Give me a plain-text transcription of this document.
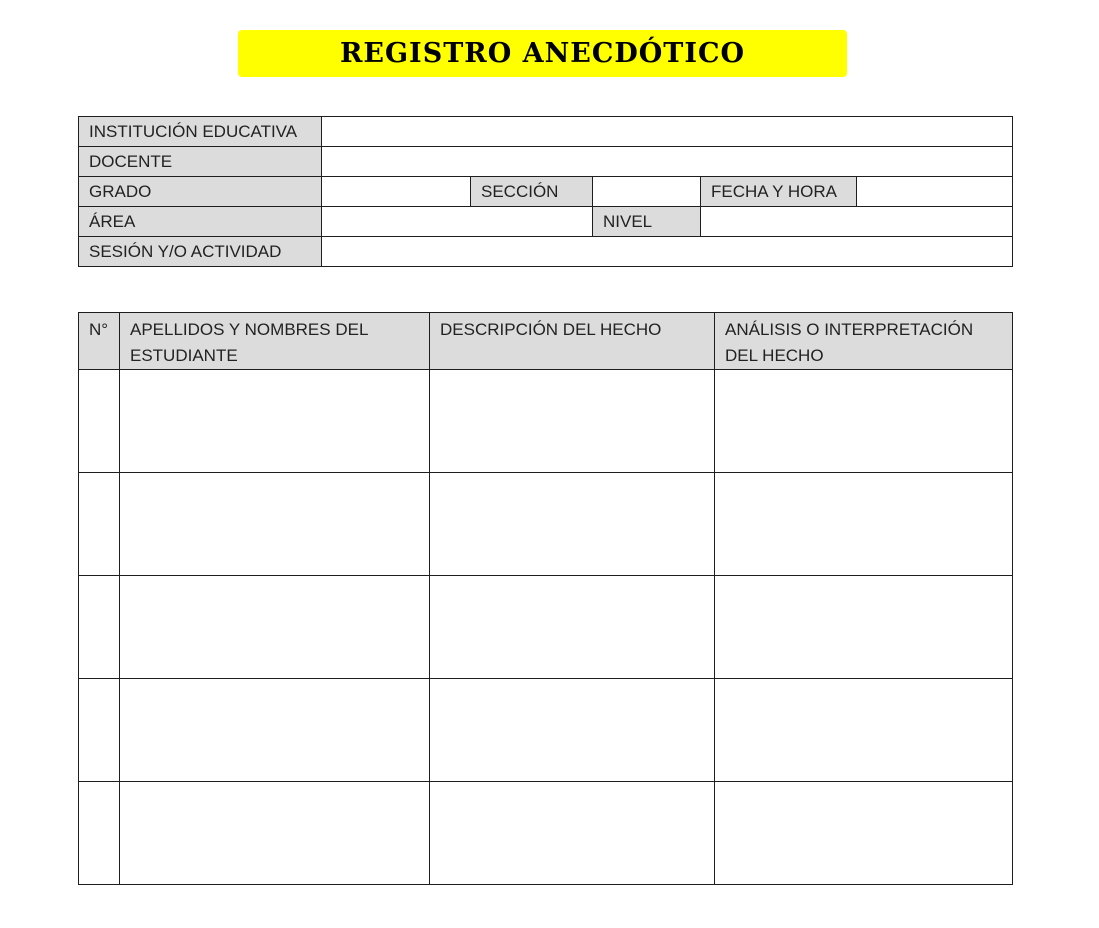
REGISTRO ANECDÓTICO
INSTITUCIÓN EDUCATIVA					
DOCENTE					
GRADO		SECCIÓN		FECHA Y HORA	
ÁREA			NIVEL		
SESIÓN Y/O ACTIVIDAD					
N°	APELLIDOS Y NOMBRES DEL ESTUDIANTE	DESCRIPCIÓN DEL HECHO	ANÁLISIS O INTERPRETACIÓN DEL HECHO
